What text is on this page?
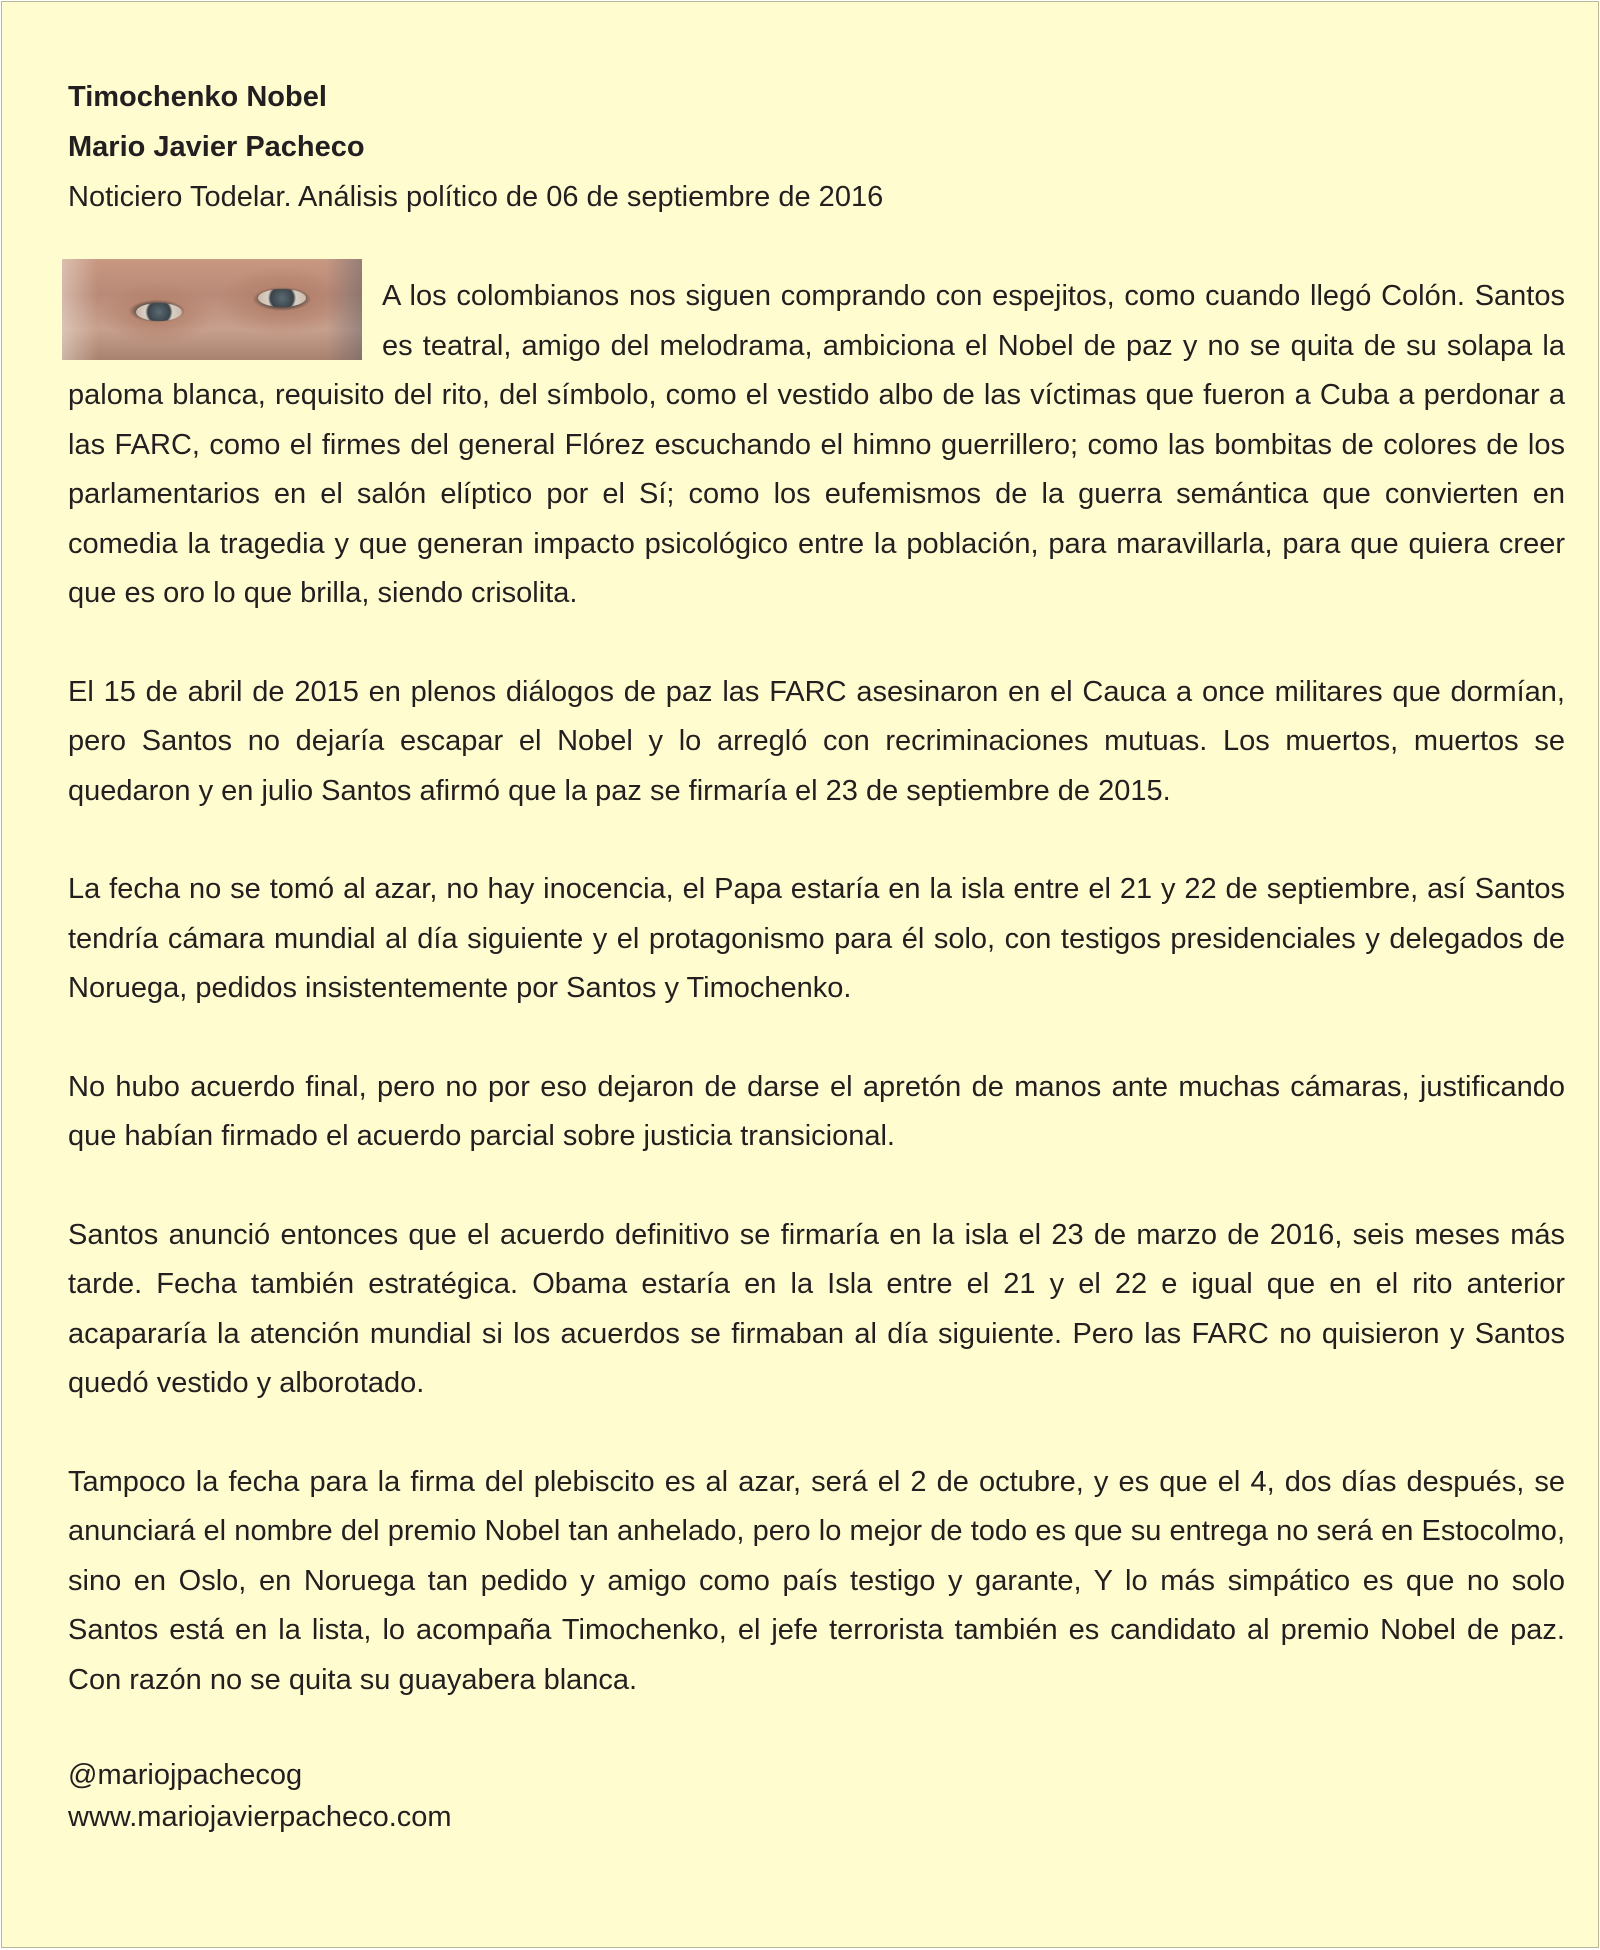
Timochenko Nobel

Mario Javier Pacheco

Noticiero Todelar. Análisis político de 06 de septiembre de 2016

A los colombianos nos siguen comprando con espejitos, como cuando llegó Colón. Santos es teatral, amigo del melodrama, ambiciona el Nobel de paz y no se quita de su solapa la paloma blanca, requisito del rito, del símbolo, como el vestido albo de las víctimas que fueron a Cuba a perdonar a las FARC, como el firmes del general Flórez escuchando el himno guerrillero; como las bombitas de colores de los parlamentarios en el salón elíptico por el Sí; como los eufemismos de la guerra semántica que convierten en comedia la tragedia y que generan impacto psicológico entre la población, para maravillarla, para que quiera creer que es oro lo que brilla, siendo crisolita.

El 15 de abril de 2015 en plenos diálogos de paz las FARC asesinaron en el Cauca a once militares que dormían, pero Santos no dejaría escapar el Nobel y lo arregló con recriminaciones mutuas. Los muertos, muertos se quedaron y en julio Santos afirmó que la paz se firmaría el 23 de septiembre de 2015.

La fecha no se tomó al azar, no hay inocencia, el Papa estaría en la isla entre el 21 y 22 de septiembre, así Santos tendría cámara mundial al día siguiente y el protagonismo para él solo, con testigos presidenciales y delegados de Noruega, pedidos insistentemente por Santos y Timochenko.

No hubo acuerdo final, pero no por eso dejaron de darse el apretón de manos ante muchas cámaras, justificando que habían firmado el acuerdo parcial sobre justicia transicional.

Santos anunció entonces que el acuerdo definitivo se firmaría en la isla el 23 de marzo de 2016, seis meses más tarde. Fecha también estratégica. Obama estaría en la Isla entre el 21 y el 22 e igual que en el rito anterior acapararía la atención mundial si los acuerdos se firmaban al día siguiente. Pero las FARC no quisieron y Santos quedó vestido y alborotado.

Tampoco la fecha para la firma del plebiscito es al azar, será el 2 de octubre, y es que el 4, dos días después, se anunciará el nombre del premio Nobel tan anhelado, pero lo mejor de todo es que su entrega no será en Estocolmo, sino en Oslo, en Noruega tan pedido y amigo como país testigo y garante, Y lo más simpático es que no solo Santos está en la lista, lo acompaña Timochenko, el jefe terrorista también es candidato al premio Nobel de paz. Con razón no se quita su guayabera blanca.

@mariojpachecog
www.mariojavierpacheco.com
